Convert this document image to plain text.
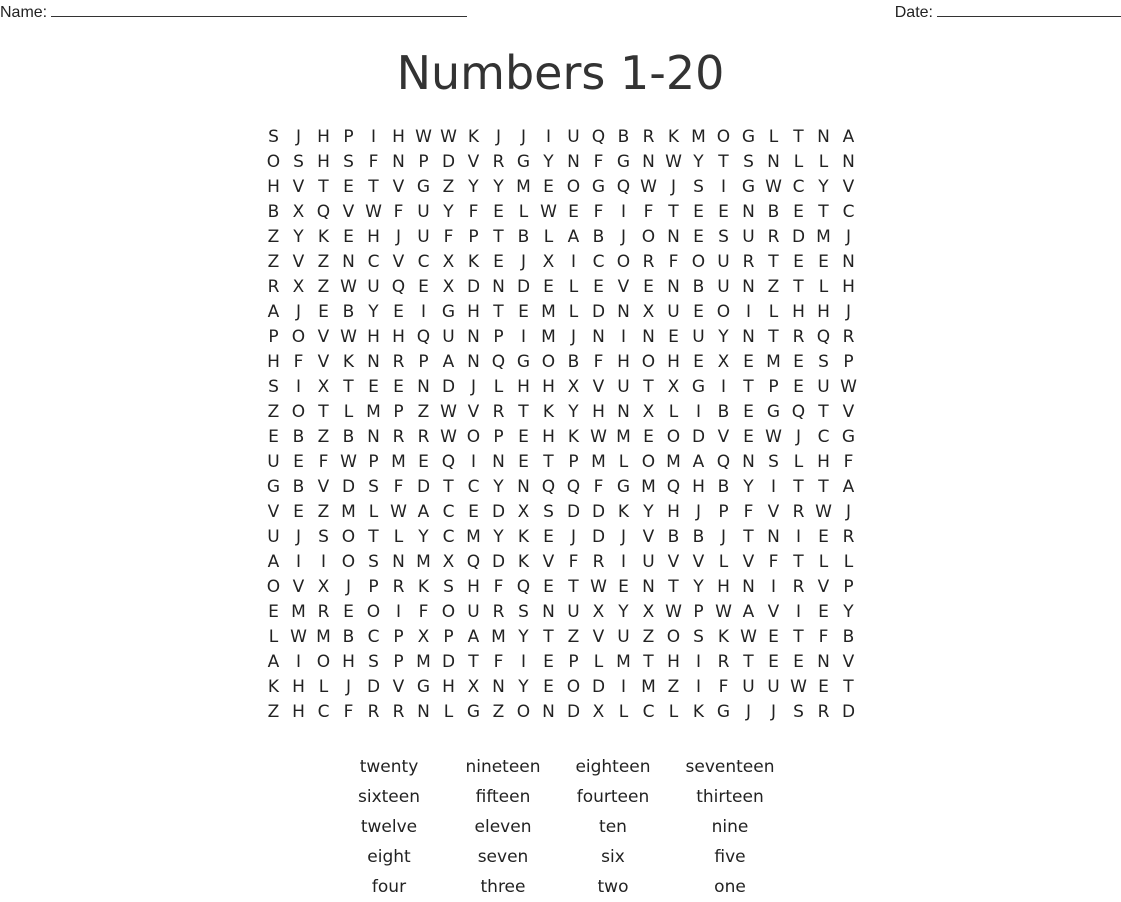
Name:	Date:
Numbers 1-20
S	J H P	I H W W K J	J	I U Q B R K M O G L T N A
O S H S F N P D V R G Y N F G N W Y T S N L L N
H V T E T V G Z Y Y M E O G Q W J	S	I G W C Y V
B X Q V W F U Y F E L W E F	I	F T E E N B E T C
Z Y K E H J U F P T B L A B J O N E S U R D M J
Z V Z N C V C X K E	J X I C O R F O U R T E E N
R X Z W U Q E X D N D E L E V E N B U N Z T L H
A J	E B Y E	I G H T E M L D N X U E O I	L H H J
P O V W H H Q U N P	I M J N I N E U Y N T R Q R
H F V K N R P A N Q G O B F H O H E X E M E S P
S	I X T E E N D J	L H H X V U T X G I	T P E U W
Z O T L M P Z W V R T K Y H N X L	I B E G Q T V
E B Z B N R R W O P E H K W M E O D V E W J C G
U E F W P M E Q I N E T P M L O M A Q N S L H F
G B V D S F D T C Y N Q Q F G M Q H B Y	I	T T A
V E Z M L W A C E D X S D D K Y H J	P F V R W J
U J	S O T L Y C M Y K E	J D J V B B J	T N I	E R
A I	I O S N M X Q D K V F R I U V V L V F T L L
O V X J	P R K S H F Q E T W E N T Y H N I R V P
E M R E O I	F O U R S N U X Y X W P W A V I	E Y
L W M B C P X P A M Y T Z V U Z O S K W E T F B
A I O H S P M D T F	I	E P L M T H I R T E E N V
K H L	J D V G H X N Y E O D I M Z I	F U U W E T
Z H C F R R N L G Z O N D X L C L K G J	J	S R D
twenty	nineteen	eighteen	seventeen
sixteen	fifteen	fourteen	thirteen
twelve	eleven	ten	nine
eight	seven	six	five
four	three	two	one
